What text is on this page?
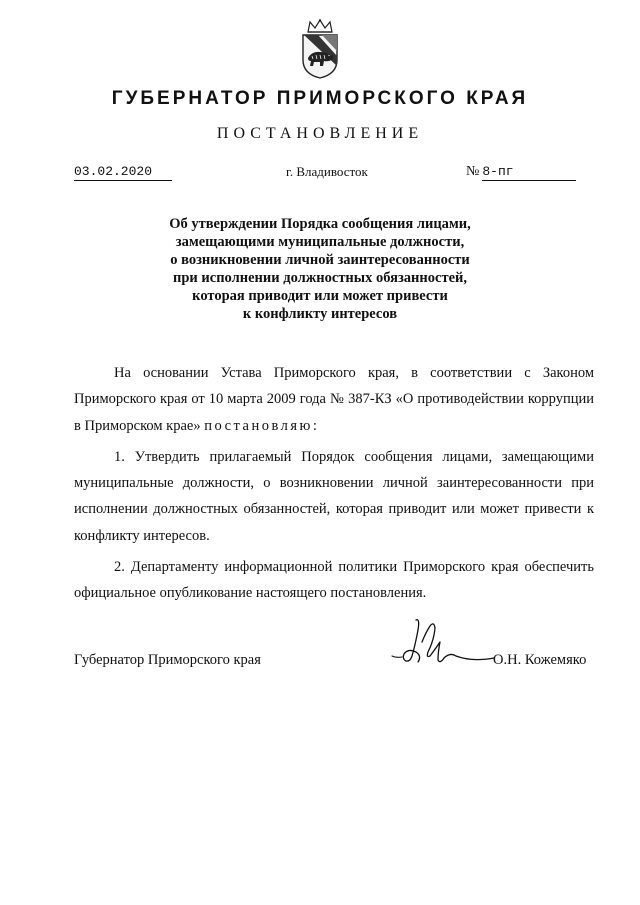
ГУБЕРНАТОР ПРИМОРСКОГО КРАЯ
ПОСТАНОВЛЕНИЕ
03.02.2020	г. Владивосток	№ 8-пг
Об утверждении Порядка сообщения лицами,
замещающими муниципальные должности,
о возникновении личной заинтересованности
при исполнении должностных обязанностей,
которая приводит или может привести
к конфликту интересов

На основании Устава Приморского края, в соответствии с Законом Приморского края от 10 марта 2009 года № 387-КЗ «О противодействии коррупции в Приморском крае» постановляю:

1. Утвердить прилагаемый Порядок сообщения лицами, замещающими муниципальные должности, о возникновении личной заинтересованности при исполнении должностных обязанностей, которая приводит или может привести к конфликту интересов.

2. Департаменту информационной политики Приморского края обеспечить официальное опубликование настоящего постановления.

Губернатор Приморского края	О.Н. Кожемяко
